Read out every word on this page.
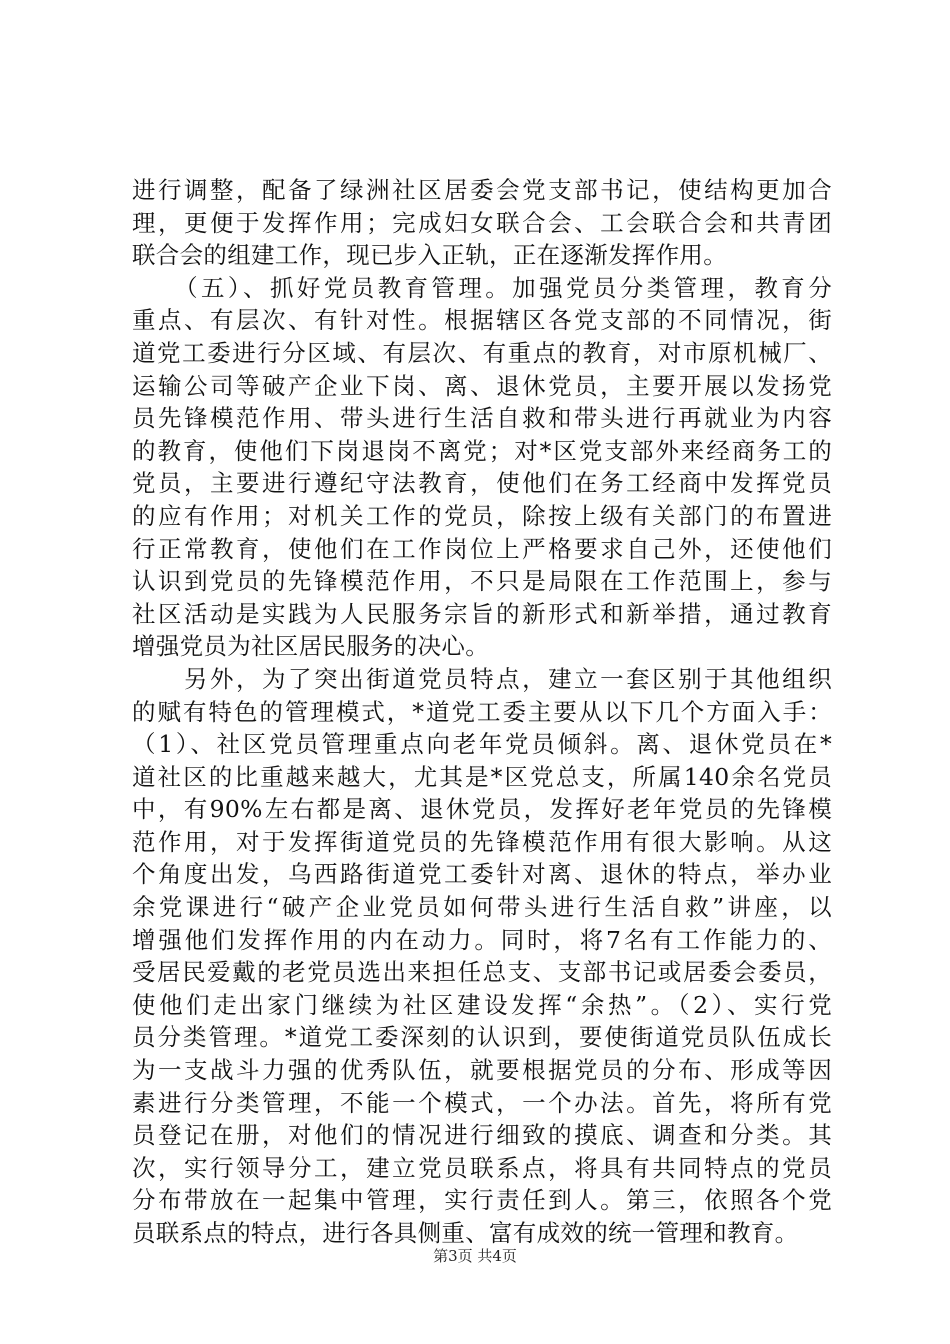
进行调整，配备了绿洲社区居委会党支部书记，使结构更加合
理，更便于发挥作用；完成妇女联合会、工会联合会和共青团
联合会的组建工作，现已步入正轨，正在逐渐发挥作用。
　　（五）、抓好党员教育管理。加强党员分类管理，教育分
重点、有层次、有针对性。根据辖区各党支部的不同情况，街
道党工委进行分区域、有层次、有重点的教育，对市原机械厂、
运输公司等破产企业下岗、离、退休党员，主要开展以发扬党
员先锋模范作用、带头进行生活自救和带头进行再就业为内容
的教育，使他们下岗退岗不离党；对*区党支部外来经商务工的
党员，主要进行遵纪守法教育，使他们在务工经商中发挥党员
的应有作用；对机关工作的党员，除按上级有关部门的布置进
行正常教育，使他们在工作岗位上严格要求自己外，还使他们
认识到党员的先锋模范作用，不只是局限在工作范围上，参与
社区活动是实践为人民服务宗旨的新形式和新举措，通过教育
增强党员为社区居民服务的决心。
　　另外，为了突出街道党员特点，建立一套区别于其他组织
的赋有特色的管理模式，*道党工委主要从以下几个方面入手：
（1）、社区党员管理重点向老年党员倾斜。离、退休党员在*
道社区的比重越来越大，尤其是*区党总支，所属140余名党员
中，有90%左右都是离、退休党员，发挥好老年党员的先锋模
范作用，对于发挥街道党员的先锋模范作用有很大影响。从这
个角度出发，乌西路街道党工委针对离、退休的特点，举办业
余党课进行“破产企业党员如何带头进行生活自救”讲座，以
增强他们发挥作用的内在动力。同时，将7名有工作能力的、
受居民爱戴的老党员选出来担任总支、支部书记或居委会委员，
使他们走出家门继续为社区建设发挥“余热”。（2）、实行党
员分类管理。*道党工委深刻的认识到，要使街道党员队伍成长
为一支战斗力强的优秀队伍，就要根据党员的分布、形成等因
素进行分类管理，不能一个模式，一个办法。首先，将所有党
员登记在册，对他们的情况进行细致的摸底、调查和分类。其
次，实行领导分工，建立党员联系点，将具有共同特点的党员
分布带放在一起集中管理，实行责任到人。第三，依照各个党
员联系点的特点，进行各具侧重、富有成效的统一管理和教育。
第3页 共4页
